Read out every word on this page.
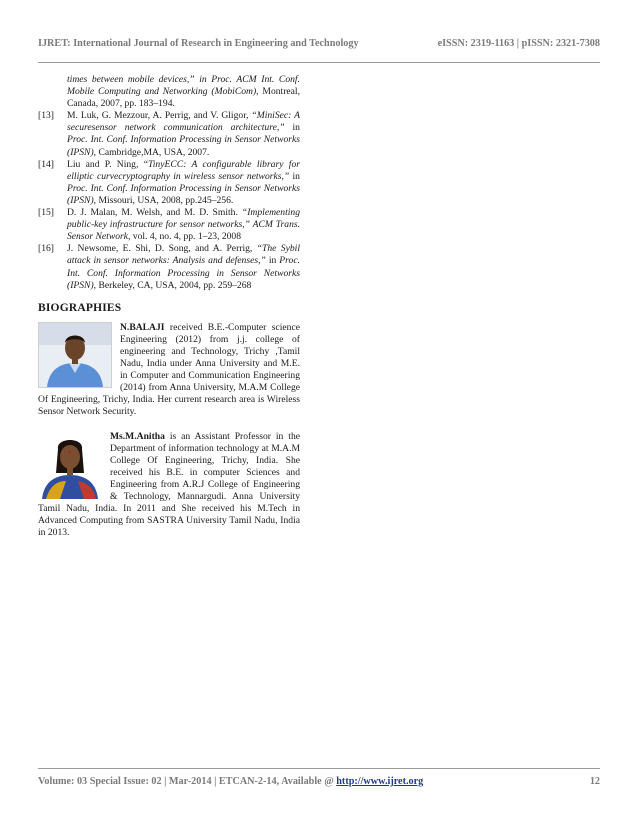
IJRET: International Journal of Research in Engineering and Technology	eISSN: 2319-1163 | pISSN: 2321-7308

times between mobile devices,” in Proc. ACM Int. Conf. Mobile Computing and Networking (MobiCom), Montreal, Canada, 2007, pp. 183–194.

[13] M. Luk, G. Mezzour, A. Perrig, and V. Gligor, “MiniSec: A securesensor network communication architecture,” in Proc. Int. Conf. Information Processing in Sensor Networks (IPSN), Cambridge,MA, USA, 2007.

[14] Liu and P. Ning, “TinyECC: A configurable library for elliptic curvecryptography in wireless sensor networks,” in Proc. Int. Conf. Information Processing in Sensor Networks (IPSN), Missouri, USA, 2008, pp.245–256.

[15] D. J. Malan, M. Welsh, and M. D. Smith. “Implementing public-key infrastructure for sensor networks,” ACM Trans. Sensor Network, vol. 4, no. 4, pp. 1–23, 2008

[16] J. Newsome, E. Shi, D. Song, and A. Perrig, “The Sybil attack in sensor networks: Analysis and defenses,” in Proc. Int. Conf. Information Processing in Sensor Networks (IPSN), Berkeley, CA, USA, 2004, pp. 259–268

BIOGRAPHIES

N.BALAJI received B.E.-Computer science Engineering (2012) from j.j. college of engineering and Technology, Trichy ,Tamil Nadu, India under Anna University and M.E. in Computer and Communication Engineering (2014) from Anna University, M.A.M College Of Engineering, Trichy, India. Her current research area is Wireless Sensor Network Security.

Ms.M.Anitha is an Assistant Professor in the Department of information technology at M.A.M College Of Engineering, Trichy, India. She received his B.E. in computer Sciences and Engineering from A.R.J College of Engineering & Technology, Mannargudi. Anna University Tamil Nadu, India. In 2011 and She received his M.Tech in Advanced Computing from SASTRA University Tamil Nadu, India in 2013.

Volume: 03 Special Issue: 02 | Mar-2014 | ETCAN-2-14, Available @ http://www.ijret.org	12
